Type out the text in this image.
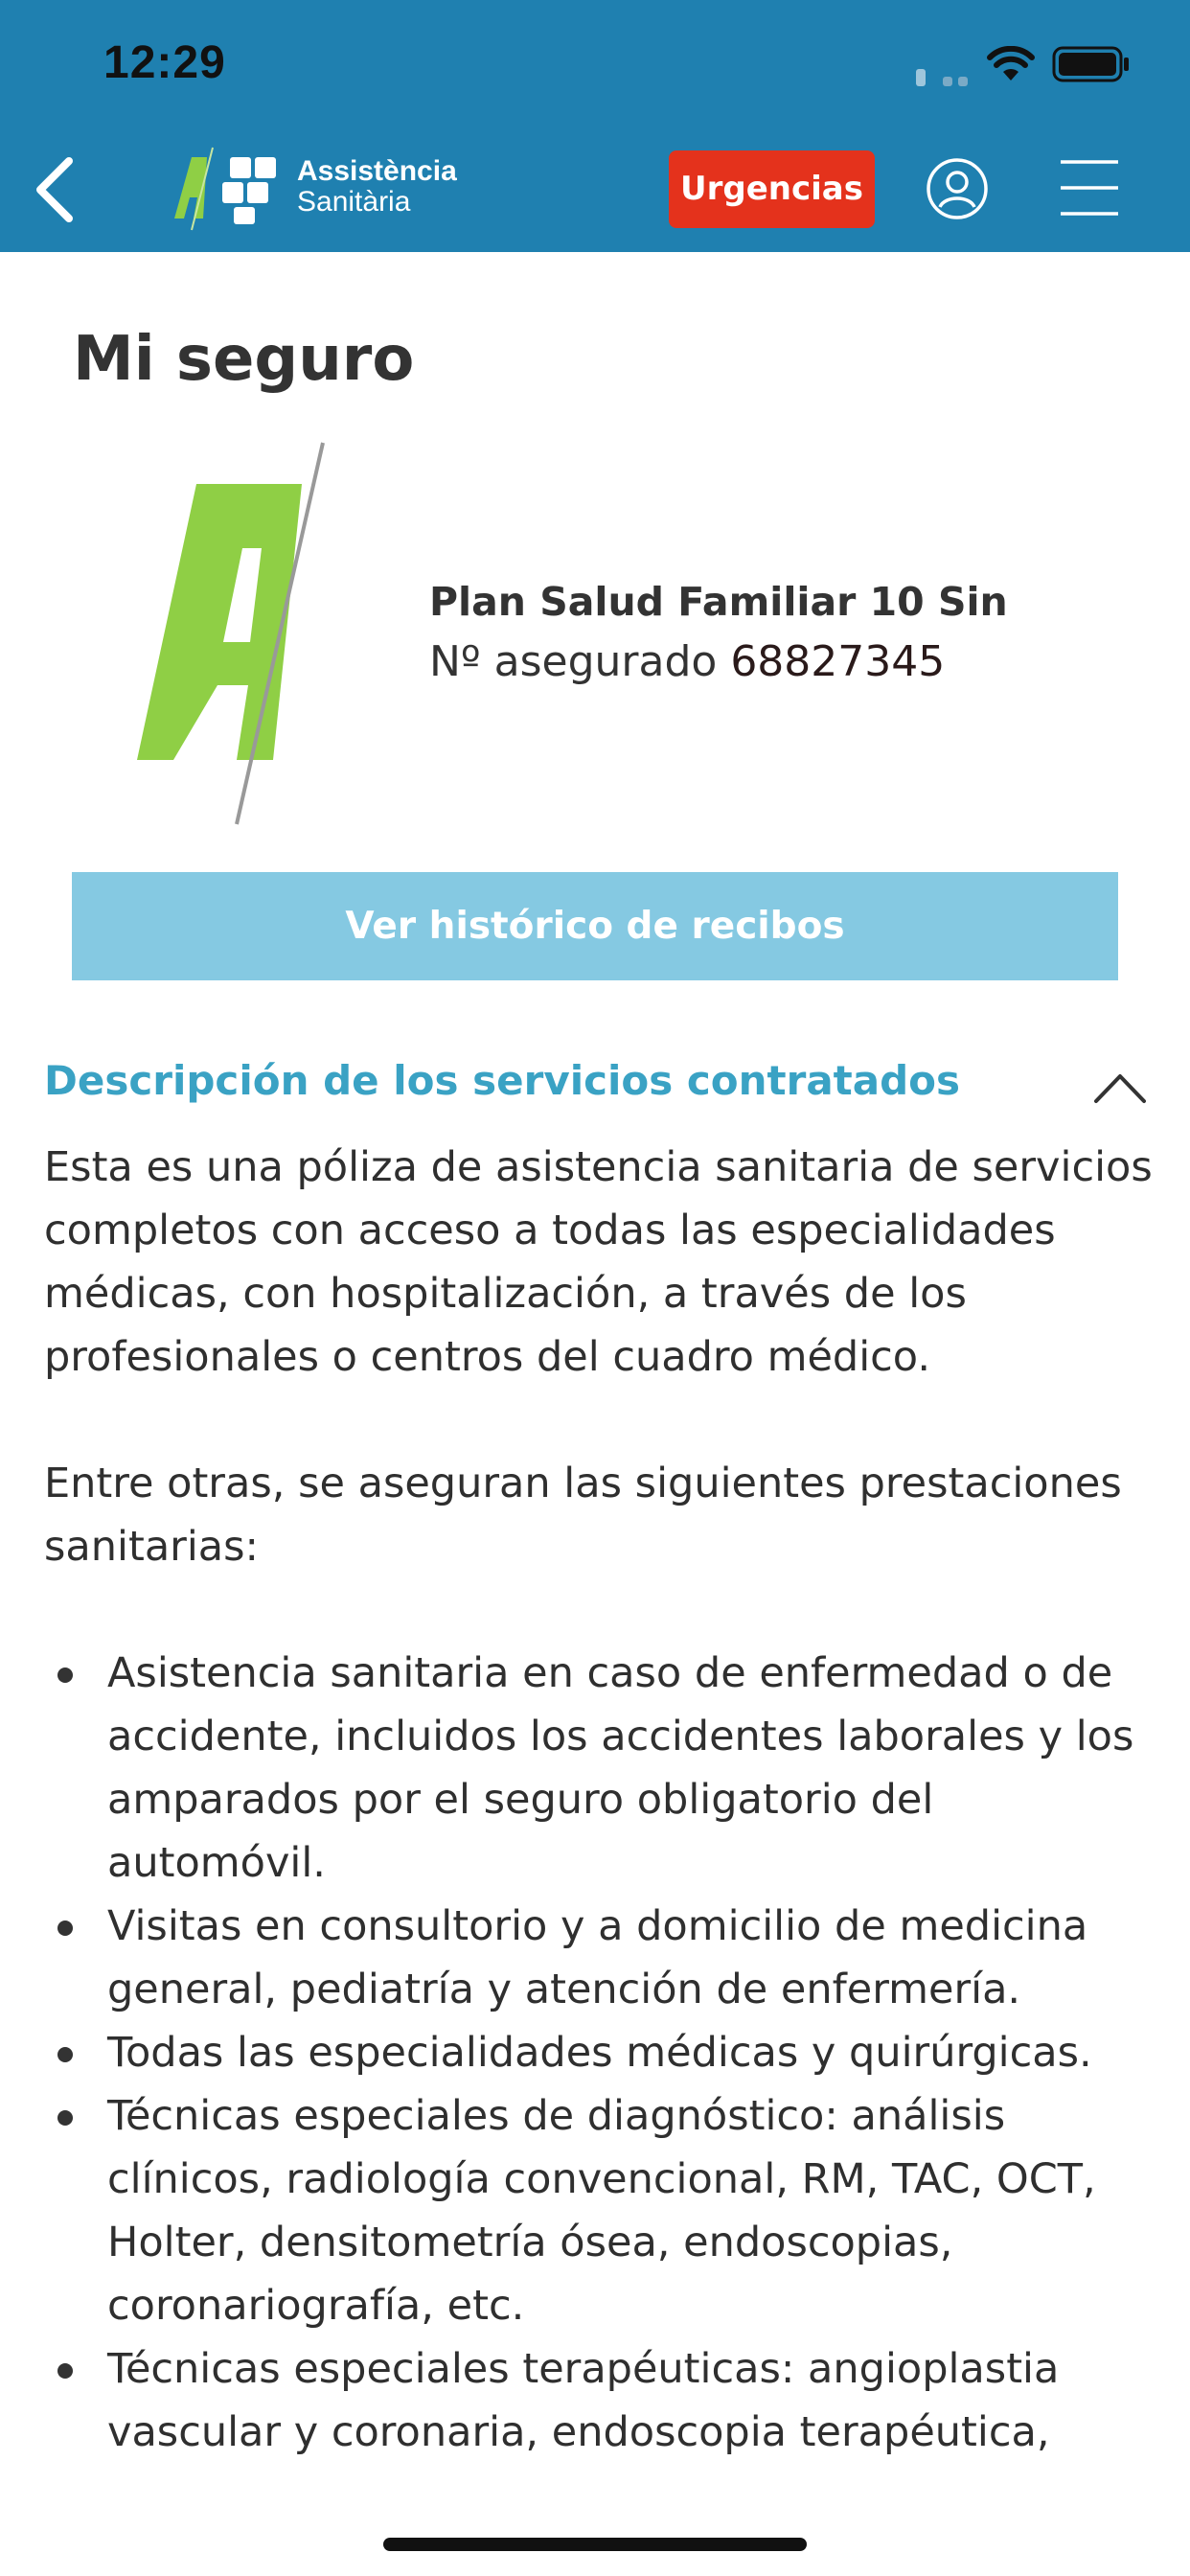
12:29
Assistència
Sanitària	Urgencias
Mi seguro
Plan Salud Familiar 10 Sin
Nº asegurado 68827345
Ver histórico de recibos
Descripción de los servicios contratados

Esta es una póliza de asistencia sanitaria de servicios completos con acceso a todas las especialidades médicas, con hospitalización, a través de los profesionales o centros del cuadro médico.

Entre otras, se aseguran las siguientes prestaciones sanitarias:

Asistencia sanitaria en caso de enfermedad o de accidente, incluidos los accidentes laborales y los amparados por el seguro obligatorio del automóvil.
Visitas en consultorio y a domicilio de medicina general, pediatría y atención de enfermería.
Todas las especialidades médicas y quirúrgicas.
Técnicas especiales de diagnóstico: análisis clínicos, radiología convencional, RM, TAC, OCT, Holter, densitometría ósea, endoscopias, coronariografía, etc.
Técnicas especiales terapéuticas: angioplastia vascular y coronaria, endoscopia terapéutica,
